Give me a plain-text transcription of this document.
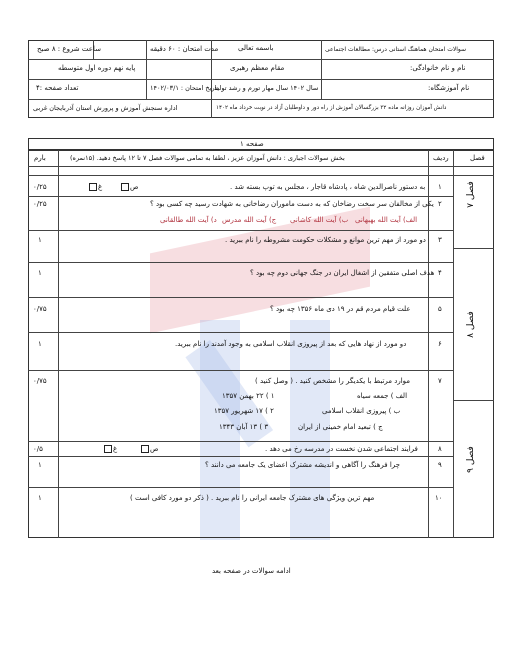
سوالات امتحان هماهنگ استانی درس: مطالعات اجتماعی
باسمه تعالی
مدت امتحان : ۶۰ دقیقه
ساعت شروع : ۸ صبح
نام و نام خانوادگی:
مقام معظم رهبری
پایه نهم دوره اول متوسطه
نام آموزشگاه:
سال ۱۴۰۲ سال مهار تورم و رشد تولید
تاریخ امتحان : ۱۴۰۲/۰۳/۱
تعداد صفحه :۴
دانش آموزان روزانه ماده ۳۲ بزرگسالان آموزش از راه دور و داوطلبان آزاد در نوبت خرداد ماه ۱۴۰۲
اداره سنجش آموزش و پرورش استان آذربایجان غربی
صفحه ۱
فصل
ردیف
بخش سوالات اجباری : دانش آموزان عزیز ، لطفا به تمامی سوالات فصل ۷ تا ۱۲ پاسخ دهید. (۱۵نمره)
بارم
فصل ۷
فصل ۸
فصل ۹
۱
به دستور ناصرالدین شاه ، پادشاه قاجار ، مجلس به توپ بسته شد .
ص
غ
۰/۲۵
۲
یکی از مخالفان سر سخت رضاخان که به دست ماموران رضاخانی به شهادت رسید چه کسی بود ؟
الف) آیت الله بهبهانی
ب) آیت الله کاشانی
ج) آیت الله مدرس
د) آیت الله طالقانی
۰/۲۵
۳
دو مورد از مهم ترین موانع و مشکلات حکومت مشروطه را نام ببرید .
۱
۴
هدف اصلی متفقین از اشغال ایران در جنگ جهانی دوم چه بود ؟
۱
۵
علت قیام مردم قم در ۱۹ دی ماه ۱۳۵۶ چه بود ؟
۰/۷۵
۶
دو مورد از نهاد هایی که بعد از پیروزی انقلاب اسلامی به وجود آمدند را نام ببرید.
۱
۷
موارد مرتبط با یکدیگر را مشخص کنید . ( وصل کنید )
الف ) جمعه سیاه
ب ) پیروزی انقلاب اسلامی
ج ) تبعید امام خمینی از ایران
۱ ) ۲۲ بهمن ۱۳۵۷
۲ ) ۱۷ شهریور ۱۳۵۷
۳ ) ۱۳ آبان ۱۳۴۳
۰/۷۵
۸
فرایند اجتماعی شدن نخست در مدرسه رخ می دهد .
ص
غ
۰/۵
۹
چرا فرهنگ را آگاهی و اندیشه مشترک اعضای یک جامعه می دانند ؟
۱
۱۰
مهم ترین ویژگی های مشترک جامعه ایرانی را نام ببرید . ( ذکر دو مورد کافی است )
۱
ادامه سوالات در صفحه بعد
